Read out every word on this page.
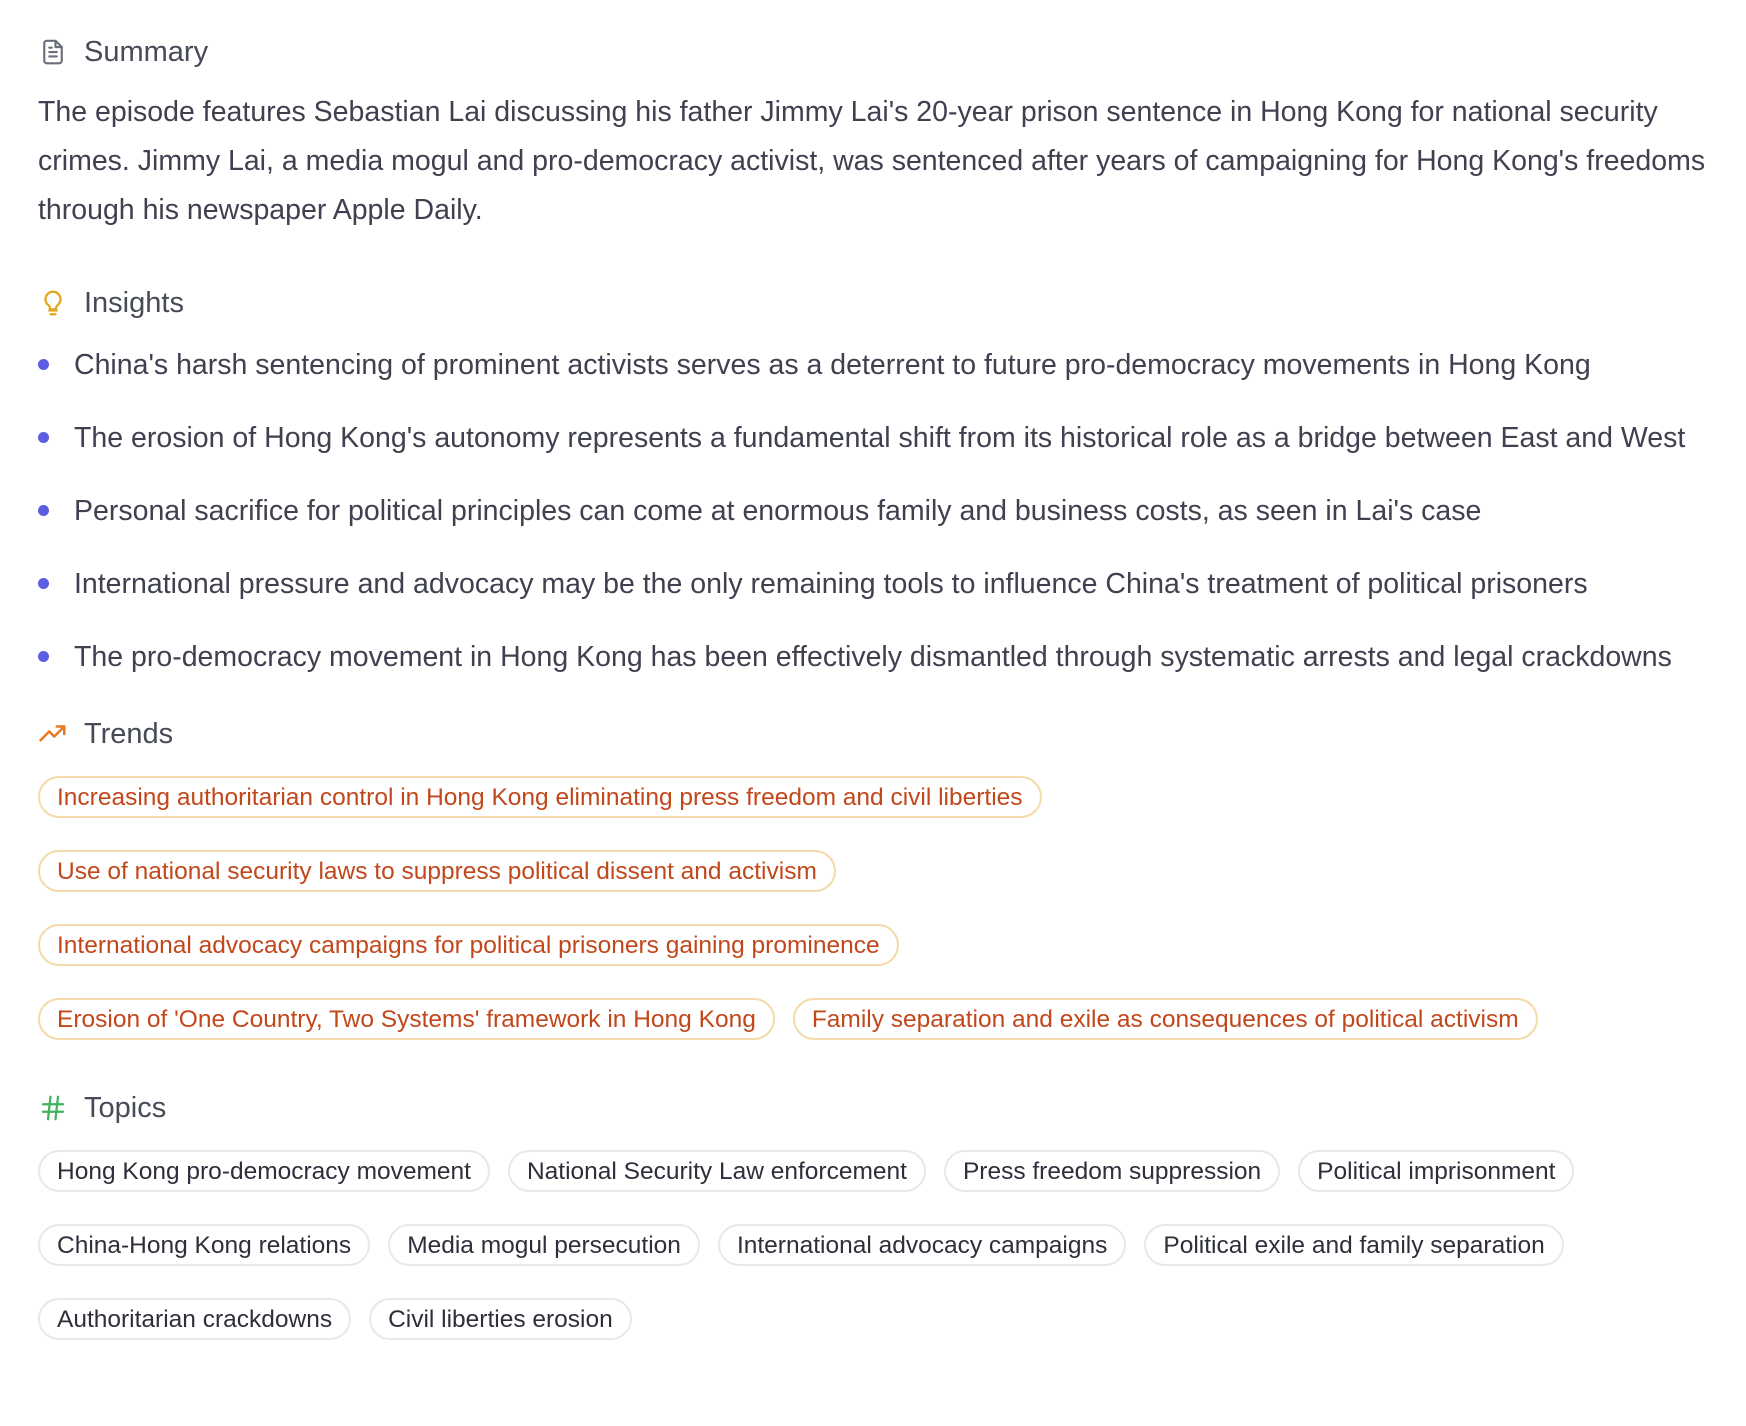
Summary

The episode features Sebastian Lai discussing his father Jimmy Lai's 20-year prison sentence in Hong Kong for national security crimes. Jimmy Lai, a media mogul and pro-democracy activist, was sentenced after years of campaigning for Hong Kong's freedoms through his newspaper Apple Daily.

Insights
China's harsh sentencing of prominent activists serves as a deterrent to future pro-democracy movements in Hong Kong
The erosion of Hong Kong's autonomy represents a fundamental shift from its historical role as a bridge between East and West
Personal sacrifice for political principles can come at enormous family and business costs, as seen in Lai's case
International pressure and advocacy may be the only remaining tools to influence China's treatment of political prisoners
The pro-democracy movement in Hong Kong has been effectively dismantled through systematic arrests and legal crackdowns
Trends
Increasing authoritarian control in Hong Kong eliminating press freedom and civil liberties
Use of national security laws to suppress political dissent and activism
International advocacy campaigns for political prisoners gaining prominence
Erosion of 'One Country, Two Systems' framework in Hong Kong	Family separation and exile as consequences of political activism
Topics
Hong Kong pro-democracy movement	National Security Law enforcement	Press freedom suppression	Political imprisonment
China-Hong Kong relations	Media mogul persecution	International advocacy campaigns	Political exile and family separation
Authoritarian crackdowns	Civil liberties erosion
